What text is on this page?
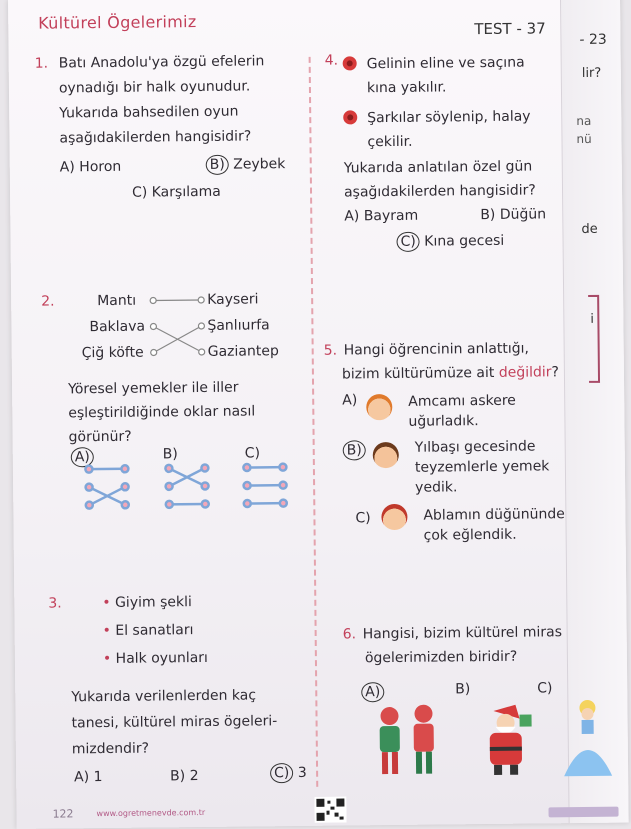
lir?
na
nü
de
i
Kültürel Ögelerimiz	TEST - 37
- 23
1. Batı Anadolu'ya özgü efelerin
oynadığı bir halk oyunudur.
Yukarıda bahsedilen oyun
aşağıdakilerden hangisidir?
A) Horon	B) Zeybek
C) Karşılama
2.	Mantı
Baklava
Çiğ köfte
Kayseri
Şanlıurfa
Gaziantep
Yöresel yemekler ile iller
eşleştirildiğinde oklar nasıl
görünür?
A)	B)	C)
3.	• Giyim şekli
• El sanatları
• Halk oyunları
Yukarıda verilenlerden kaç
tanesi, kültürel miras ögeleri-
mizdendir?
A) 1	B) 2	C) 3
4. Gelinin eline ve saçına
kına yakılır.
Şarkılar söylenip, halay
çekilir.
Yukarıda anlatılan özel gün
aşağıdakilerden hangisidir?
A) Bayram	B) Düğün
C) Kına gecesi
5. Hangi öğrencinin anlattığı,
bizim kültürümüze ait değildir?
A)	Amcamı askere
uğurladık.
B)	Yılbaşı gecesinde
teyzemlerle yemek
yedik.
C)	Ablamın düğününde
çok eğlendik.
6. Hangisi, bizim kültürel miras
ögelerimizden biridir?
A)	B)	C)
122	www.ogretmenevde.com.tr
